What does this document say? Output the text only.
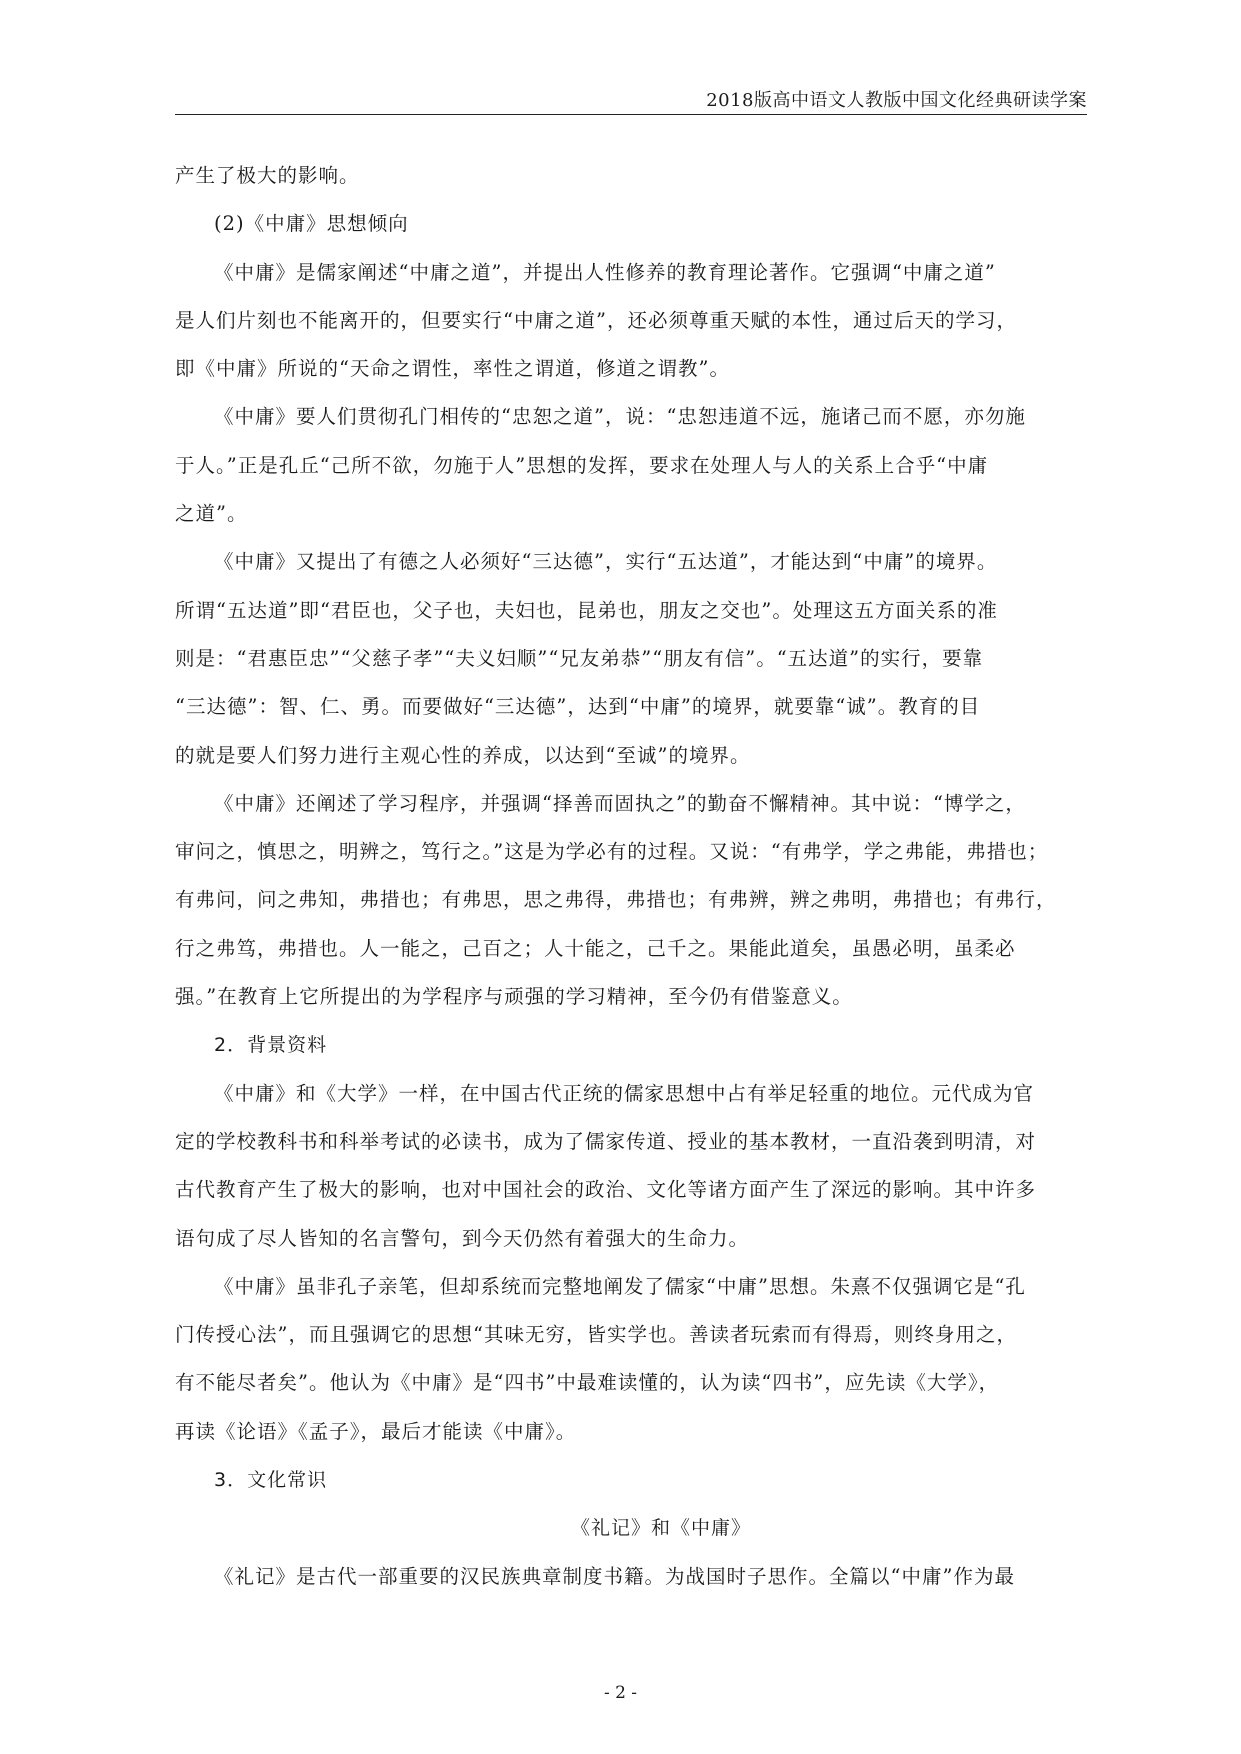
2018版高中语文人教版中国文化经典研读学案

产生了极大的影响。

(2)《中庸》思想倾向

《中庸》是儒家阐述“中庸之道”，并提出人性修养的教育理论著作。它强调“中庸之道”

是人们片刻也不能离开的，但要实行“中庸之道”，还必须尊重天赋的本性，通过后天的学习，

即《中庸》所说的“天命之谓性，率性之谓道，修道之谓教”。

《中庸》要人们贯彻孔门相传的“忠恕之道”，说：“忠恕违道不远，施诸己而不愿，亦勿施

于人。”正是孔丘“己所不欲，勿施于人”思想的发挥，要求在处理人与人的关系上合乎“中庸

之道”。

《中庸》又提出了有德之人必须好“三达德”，实行“五达道”，才能达到“中庸”的境界。

所谓“五达道”即“君臣也，父子也，夫妇也，昆弟也，朋友之交也”。处理这五方面关系的准

则是：“君惠臣忠”“父慈子孝”“夫义妇顺”“兄友弟恭”“朋友有信”。“五达道”的实行，要靠

“三达德”：智、仁、勇。而要做好“三达德”，达到“中庸”的境界，就要靠“诚”。教育的目

的就是要人们努力进行主观心性的养成，以达到“至诚”的境界。

《中庸》还阐述了学习程序，并强调“择善而固执之”的勤奋不懈精神。其中说：“博学之，

审问之，慎思之，明辨之，笃行之。”这是为学必有的过程。又说：“有弗学，学之弗能，弗措也；

有弗问，问之弗知，弗措也；有弗思，思之弗得，弗措也；有弗辨，辨之弗明，弗措也；有弗行，

行之弗笃，弗措也。人一能之，己百之；人十能之，己千之。果能此道矣，虽愚必明，虽柔必

强。”在教育上它所提出的为学程序与顽强的学习精神，至今仍有借鉴意义。

2．背景资料

《中庸》和《大学》一样，在中国古代正统的儒家思想中占有举足轻重的地位。元代成为官

定的学校教科书和科举考试的必读书，成为了儒家传道、授业的基本教材，一直沿袭到明清，对

古代教育产生了极大的影响，也对中国社会的政治、文化等诸方面产生了深远的影响。其中许多

语句成了尽人皆知的名言警句，到今天仍然有着强大的生命力。

《中庸》虽非孔子亲笔，但却系统而完整地阐发了儒家“中庸”思想。朱熹不仅强调它是“孔

门传授心法”，而且强调它的思想“其味无穷，皆实学也。善读者玩索而有得焉，则终身用之，

有不能尽者矣”。他认为《中庸》是“四书”中最难读懂的，认为读“四书”，应先读《大学》，

再读《论语》《孟子》，最后才能读《中庸》。

3．文化常识

《礼记》和《中庸》

《礼记》是古代一部重要的汉民族典章制度书籍。为战国时子思作。全篇以“中庸”作为最

- 2 -
